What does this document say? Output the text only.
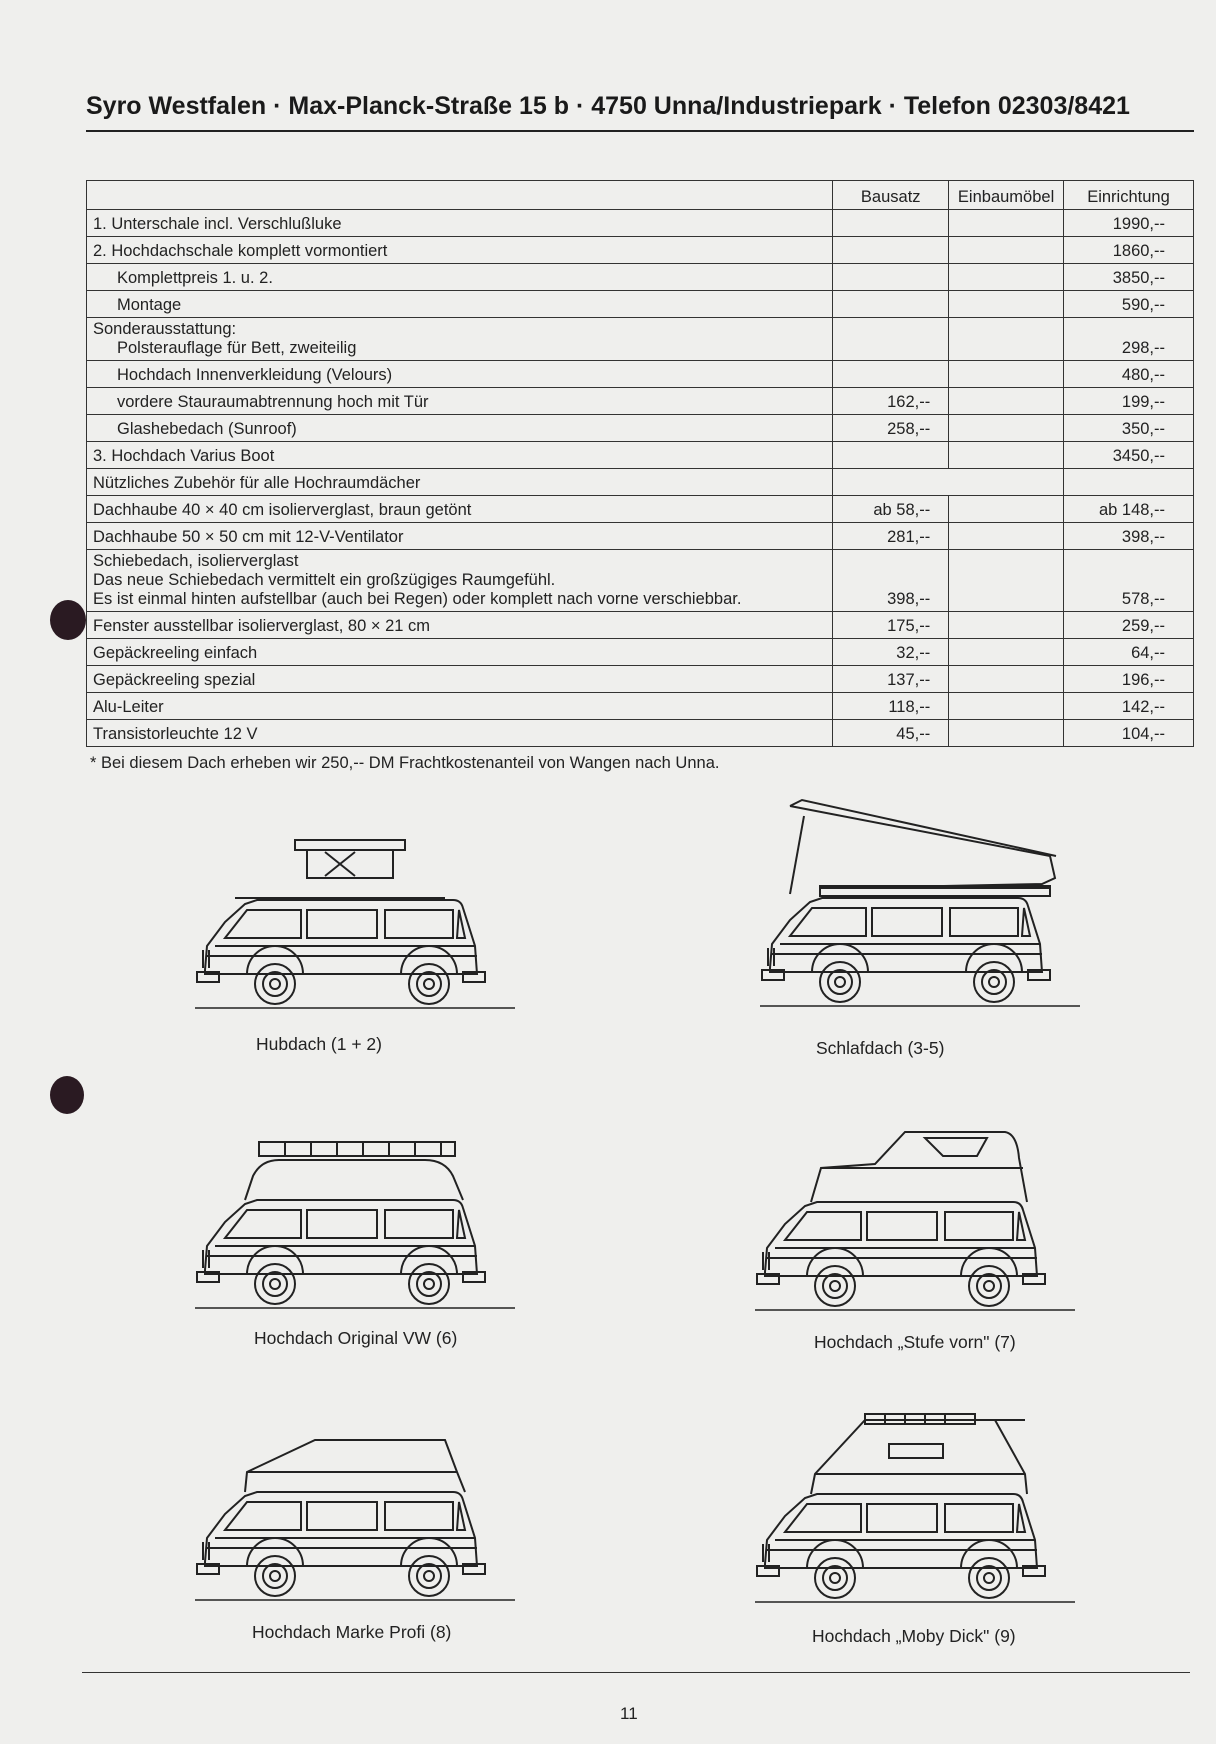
Syro Westfalen · Max-Planck-Straße 15 b · 4750 Unna/Industriepark · Telefon 02303/8421
	Bausatz	Einbaumöbel	Einrichtung
1. Unterschale incl. Verschlußluke			1990,--
2. Hochdachschale komplett vormontiert			1860,--
Komplettpreis 1. u. 2.			3850,--
Montage			590,--

Sonderausstattung:
Polsterauflage für Bett, zweiteilig			298,--
Hochdach Innenverkleidung (Velours)			480,--
vordere Stauraumabtrennung hoch mit Tür	162,--		199,--
Glashebedach (Sunroof)	258,--		350,--
3. Hochdach Varius Boot			3450,--
Nützliches Zubehör für alle Hochraumdächer			
Dachhaube 40 × 40 cm isolierverglast, braun getönt	ab 58,--		ab 148,--
Dachhaube 50 × 50 cm mit 12-V-Ventilator	281,--		398,--

Schiebedach, isolierverglast
Das neue Schiebedach vermittelt ein großzügiges Raumgefühl.
Es ist einmal hinten aufstellbar (auch bei Regen) oder komplett nach vorne verschiebbar.	398,--		578,--
Fenster ausstellbar isolierverglast, 80 × 21 cm	175,--		259,--
Gepäckreeling einfach	32,--		64,--
Gepäckreeling spezial	137,--		196,--
Alu-Leiter	118,--		142,--
Transistorleuchte 12 V	45,--		104,--
* Bei diesem Dach erheben wir 250,-- DM Frachtkostenanteil von Wangen nach Unna.
Hubdach (1 + 2)	Schlafdach (3-5)
Hochdach Original VW (6)	Hochdach „Stufe vorn" (7)
Hochdach Marke Profi (8)	Hochdach „Moby Dick" (9)
11
